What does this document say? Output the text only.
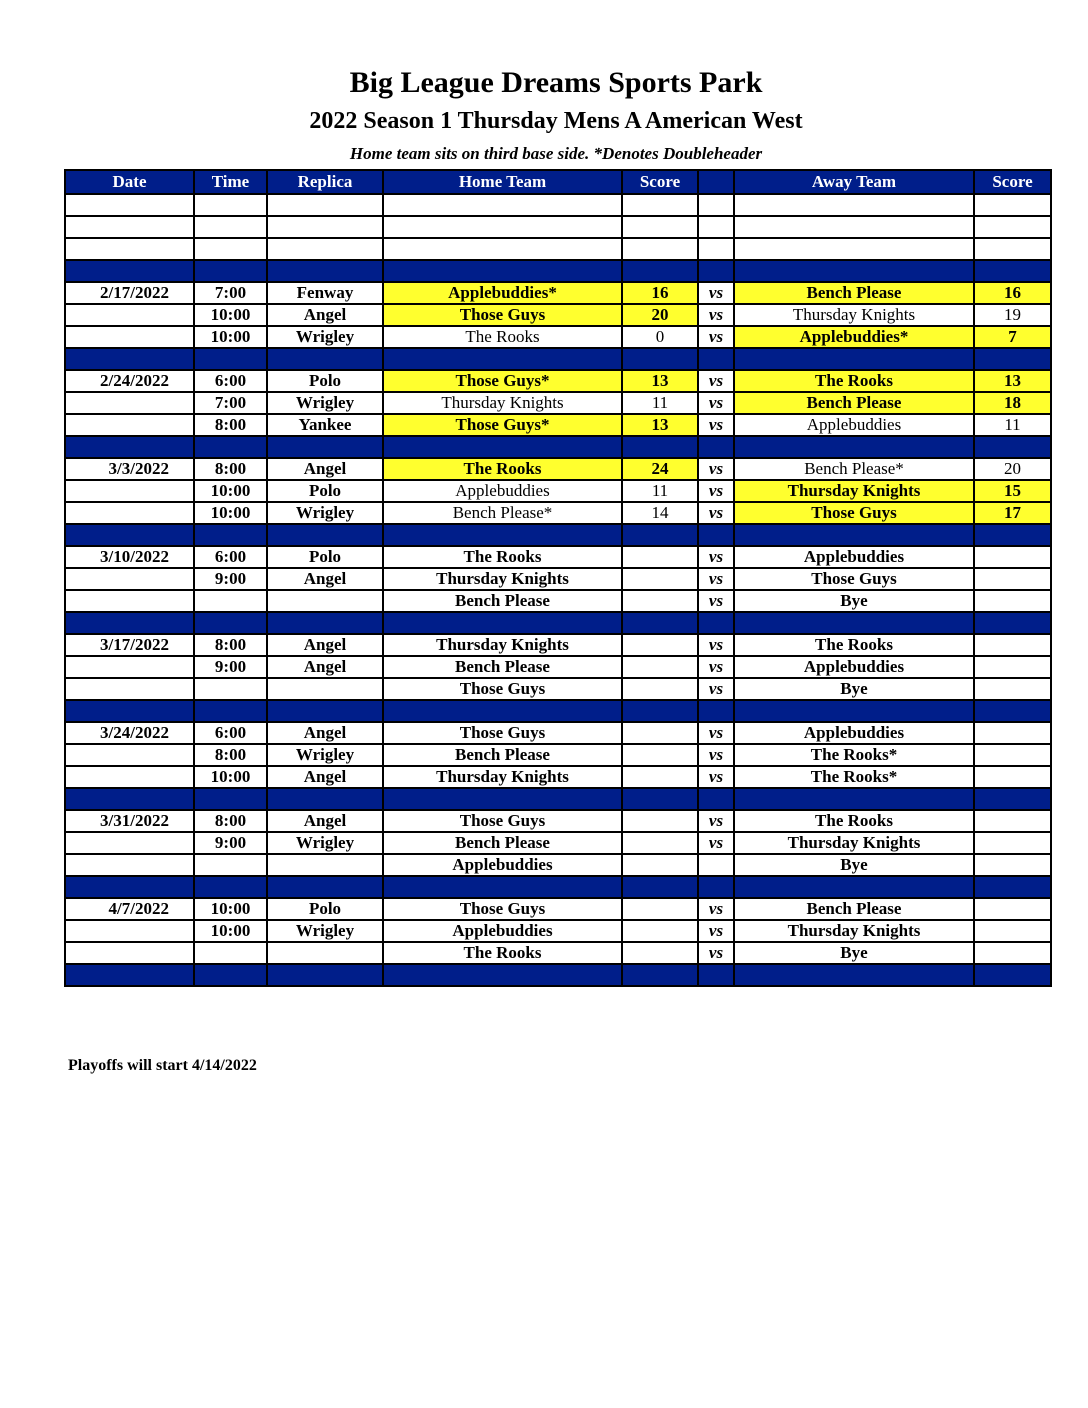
Big League Dreams Sports Park
2022 Season 1 Thursday Mens A American West
Home team sits on third base side. *Denotes Doubleheader
Date	Time	Replica	Home Team	Score		Away Team	Score

2/17/2022	7:00	Fenway	Applebuddies*	16	vs	Bench Please	16
	10:00	Angel	Those Guys	20	vs	Thursday Knights	19
	10:00	Wrigley	The Rooks	0	vs	Applebuddies*	7

2/24/2022	6:00	Polo	Those Guys*	13	vs	The Rooks	13
	7:00	Wrigley	Thursday Knights	11	vs	Bench Please	18
	8:00	Yankee	Those Guys*	13	vs	Applebuddies	11

3/3/2022	8:00	Angel	The Rooks	24	vs	Bench Please*	20
	10:00	Polo	Applebuddies	11	vs	Thursday Knights	15
	10:00	Wrigley	Bench Please*	14	vs	Those Guys	17

3/10/2022	6:00	Polo	The Rooks		vs	Applebuddies	
	9:00	Angel	Thursday Knights		vs	Those Guys	
			Bench Please		vs	Bye	

3/17/2022	8:00	Angel	Thursday Knights		vs	The Rooks	
	9:00	Angel	Bench Please		vs	Applebuddies	
			Those Guys		vs	Bye	

3/24/2022	6:00	Angel	Those Guys		vs	Applebuddies	
	8:00	Wrigley	Bench Please		vs	The Rooks*	
	10:00	Angel	Thursday Knights		vs	The Rooks*	

3/31/2022	8:00	Angel	Those Guys		vs	The Rooks	
	9:00	Wrigley	Bench Please		vs	Thursday Knights	
			Applebuddies			Bye	

4/7/2022	10:00	Polo	Those Guys		vs	Bench Please	
	10:00	Wrigley	Applebuddies		vs	Thursday Knights	
			The Rooks		vs	Bye	

Playoffs will start 4/14/2022
